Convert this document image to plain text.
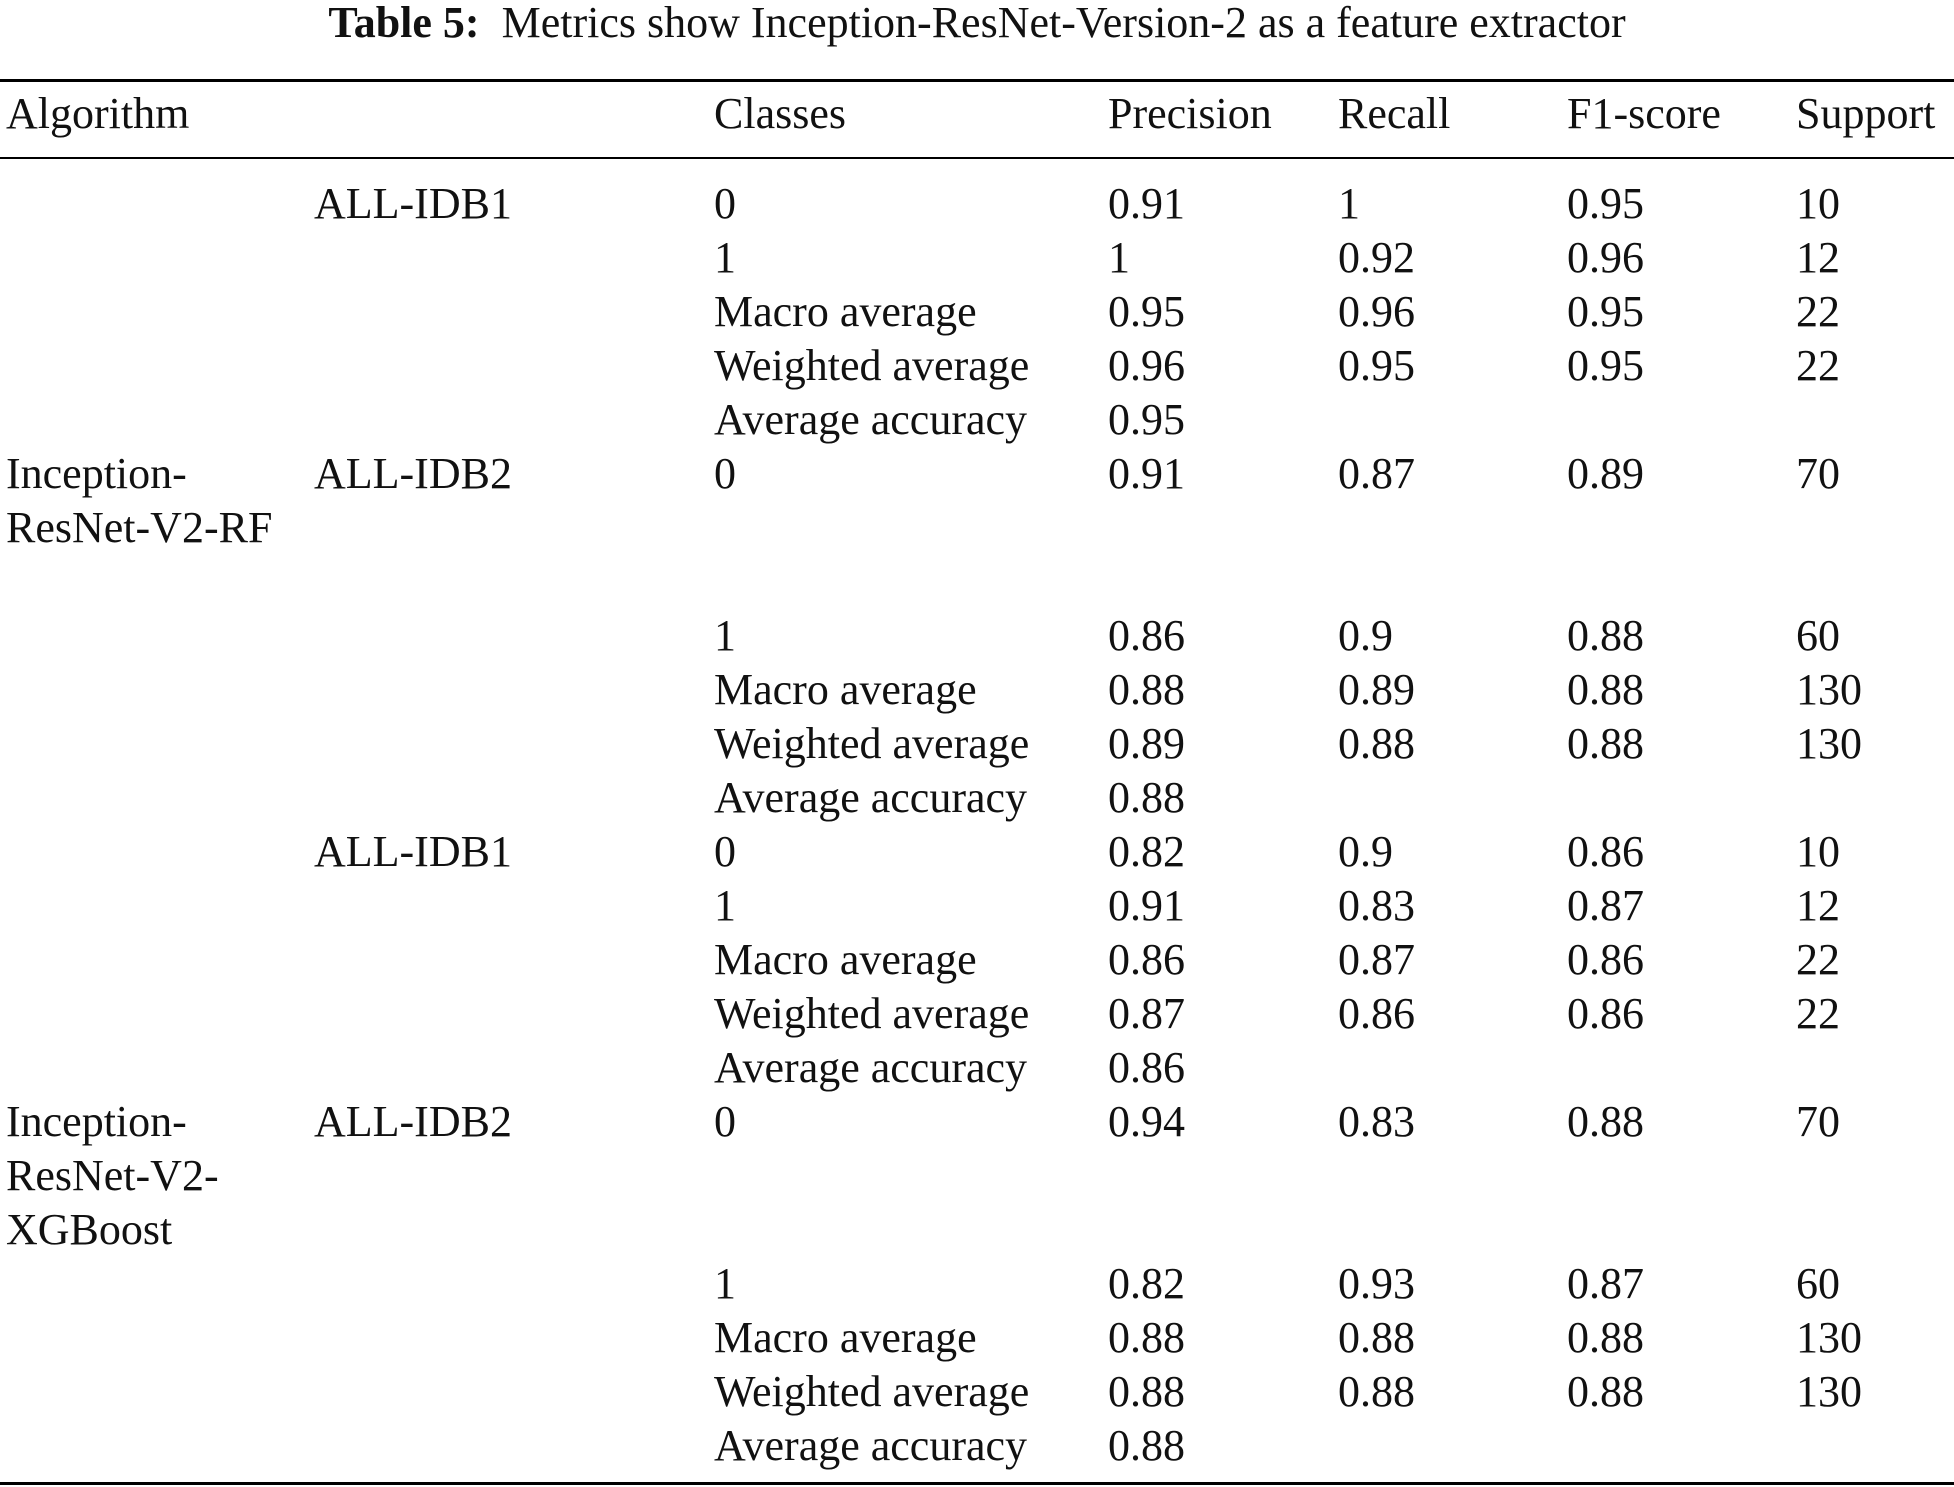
Table 5: Metrics show Inception-ResNet-Version-2 as a feature extractor
Algorithm		Classes	Precision	Recall	F1-score	Support
	ALL-IDB1	0	0.91	1	0.95	10
		1	1	0.92	0.96	12
		Macro average	0.95	0.96	0.95	22
		Weighted average	0.96	0.95	0.95	22
		Average accuracy	0.95			
Inception-ResNet-V2-RF	ALL-IDB2	0	0.91	0.87	0.89	70
		1	0.86	0.9	0.88	60
		Macro average	0.88	0.89	0.88	130
		Weighted average	0.89	0.88	0.88	130
		Average accuracy	0.88			
	ALL-IDB1	0	0.82	0.9	0.86	10
		1	0.91	0.83	0.87	12
		Macro average	0.86	0.87	0.86	22
		Weighted average	0.87	0.86	0.86	22
		Average accuracy	0.86			
Inception-ResNet-V2-XGBoost	ALL-IDB2	0	0.94	0.83	0.88	70
		1	0.82	0.93	0.87	60
		Macro average	0.88	0.88	0.88	130
		Weighted average	0.88	0.88	0.88	130
		Average accuracy	0.88			
